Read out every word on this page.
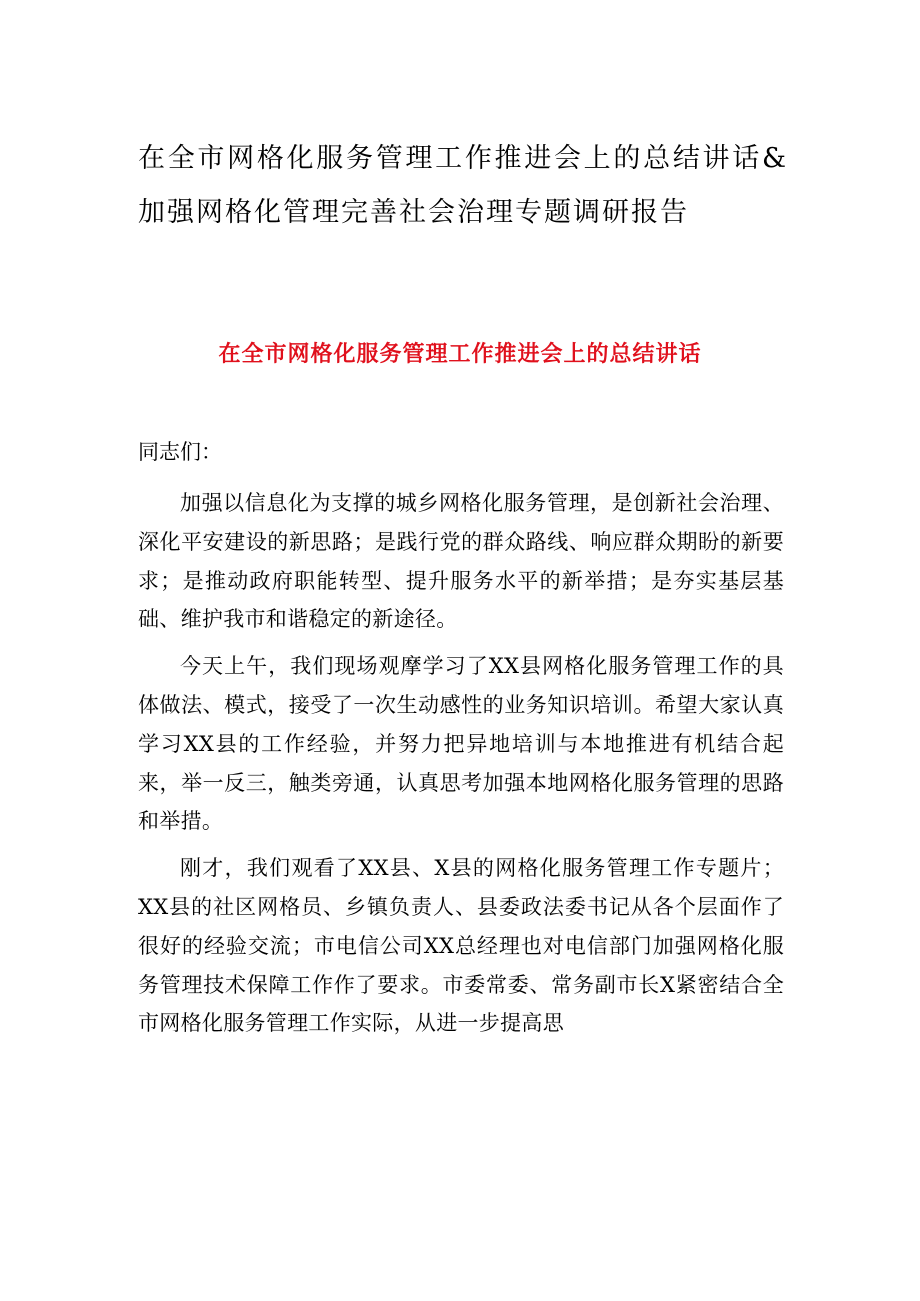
在全市网格化服务管理工作推进会上的总结讲话&加强网格化管理完善社会治理专题调研报告
在全市网格化服务管理工作推进会上的总结讲话

同志们：

加强以信息化为支撑的城乡网格化服务管理，是创新社会治理、深化平安建设的新思路；是践行党的群众路线、响应群众期盼的新要求；是推动政府职能转型、提升服务水平的新举措；是夯实基层基础、维护我市和谐稳定的新途径。

今天上午，我们现场观摩学习了XX县网格化服务管理工作的具体做法、模式，接受了一次生动感性的业务知识培训。希望大家认真学习XX县的工作经验，并努力把异地培训与本地推进有机结合起来，举一反三，触类旁通，认真思考加强本地网格化服务管理的思路和举措。

刚才，我们观看了XX县、X县的网格化服务管理工作专题片；XX县的社区网格员、乡镇负责人、县委政法委书记从各个层面作了很好的经验交流；市电信公司XX总经理也对电信部门加强网格化服务管理技术保障工作作了要求。市委常委、常务副市长X紧密结合全市网格化服务管理工作实际，从进一步提高思
